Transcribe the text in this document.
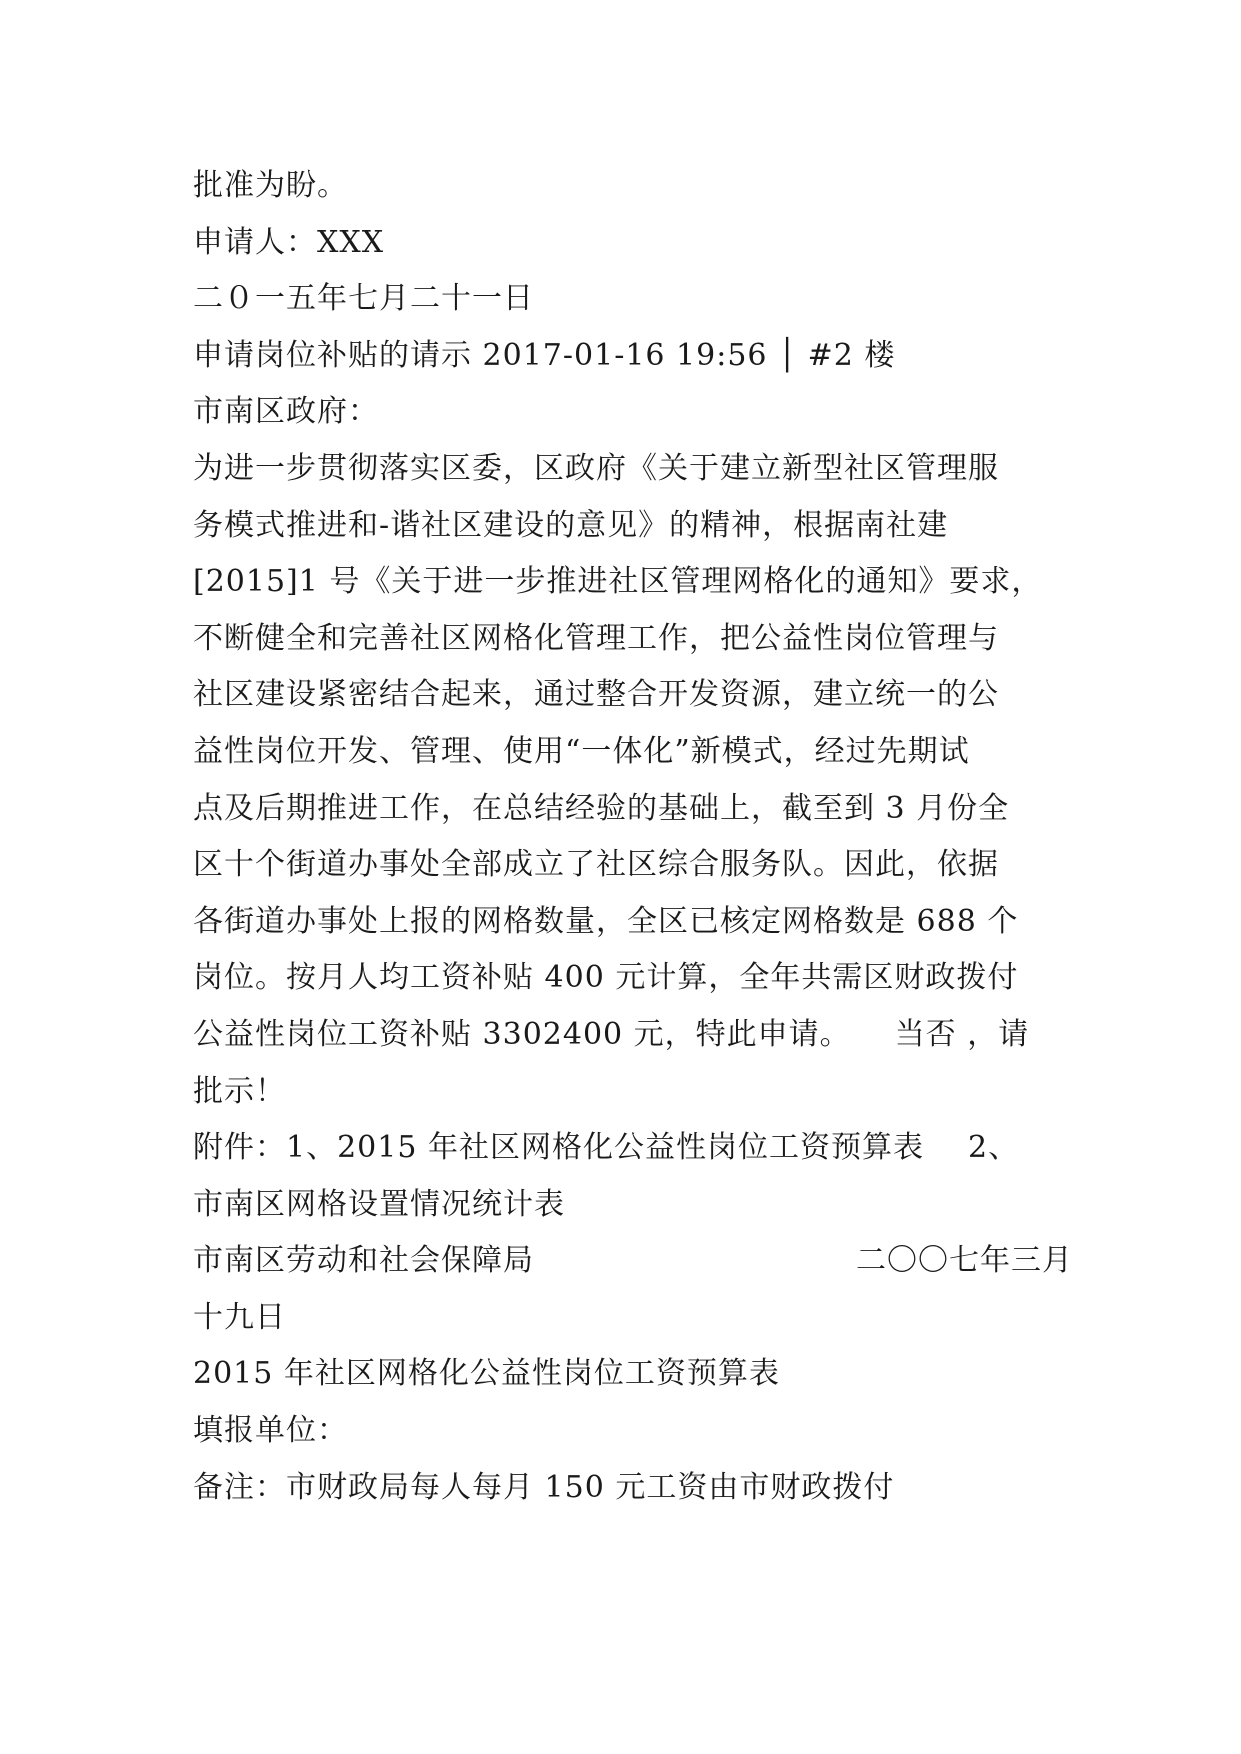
批准为盼。
申请人：XXX
二０一五年七月二十一日
申请岗位补贴的请示 2017-01-16 19:56 │ #2 楼
市南区政府：
为进一步贯彻落实区委，区政府《关于建立新型社区管理服
务模式推进和-谐社区建设的意见》的精神，根据南社建
[2015]1 号《关于进一步推进社区管理网格化的通知》要求，
不断健全和完善社区网格化管理工作，把公益性岗位管理与
社区建设紧密结合起来，通过整合开发资源，建立统一的公
益性岗位开发、管理、使用“一体化”新模式，经过先期试
点及后期推进工作，在总结经验的基础上，截至到 3 月份全
区十个街道办事处全部成立了社区综合服务队。因此，依据
各街道办事处上报的网格数量，全区已核定网格数是 688 个
岗位。按月人均工资补贴 400 元计算，全年共需区财政拨付
公益性岗位工资补贴 3302400 元，特此申请。 当否 ，请
批示！
附件：1、2015 年社区网格化公益性岗位工资预算表 2、
市南区网格设置情况统计表
市南区劳动和社会保障局	二〇〇七年三月
十九日
2015 年社区网格化公益性岗位工资预算表
填报单位：
备注：市财政局每人每月 150 元工资由市财政拨付
